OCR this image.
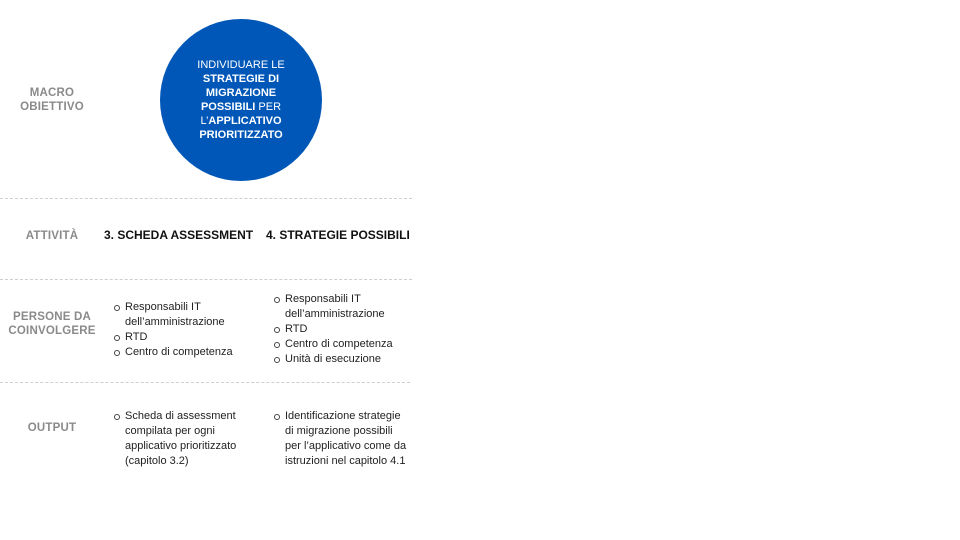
MACRO
OBIETTIVO
ATTIVITÀ
PERSONE DA
COINVOLGERE
OUTPUT
INDIVIDUARE LE STRATEGIE DI MIGRAZIONE POSSIBILI PER L’APPLICATIVO PRIORITIZZATO
3. SCHEDA ASSESSMENT 4. STRATEGIE POSSIBILI
Responsabili IT dell’amministrazione
RTD
Centro di competenza
Responsabili IT dell’amministrazione
RTD
Centro di competenza
Unità di esecuzione
Scheda di assessment compilata per ogni applicativo prioritizzato (capitolo 3.2)
Identificazione strategie di migrazione possibili per l’applicativo come da istruzioni nel capitolo 4.1
